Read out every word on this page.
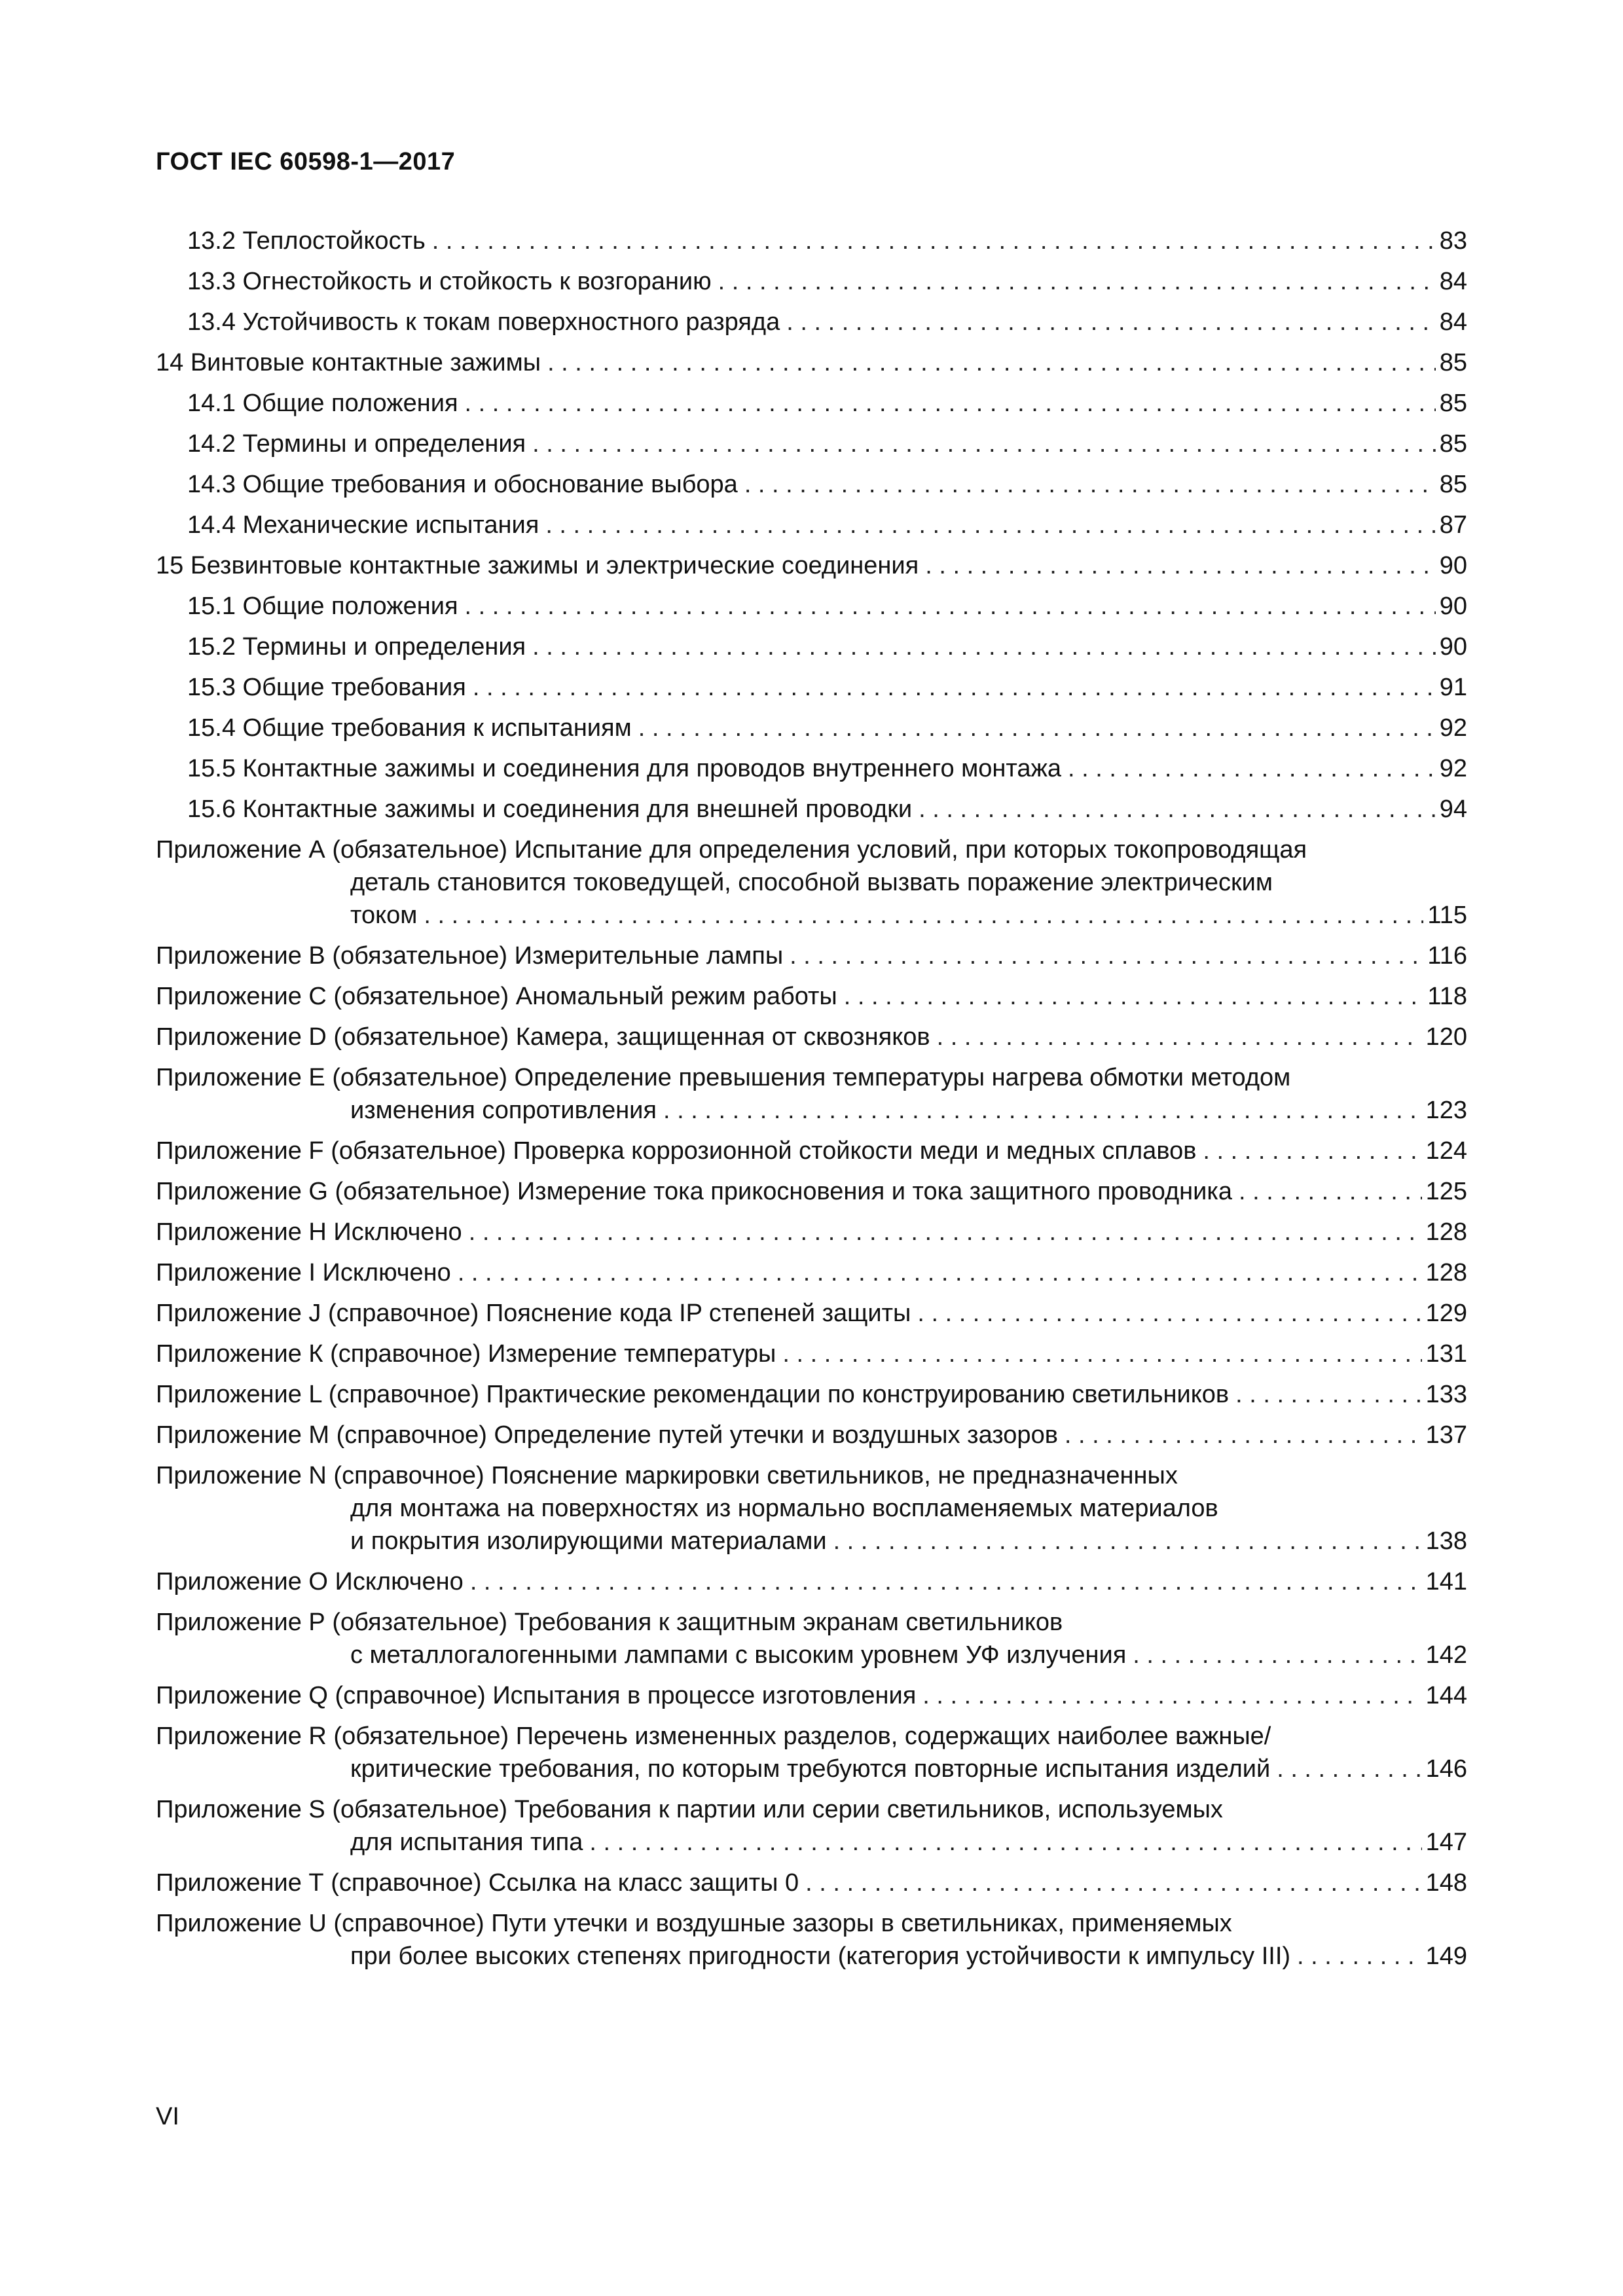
ГОСТ IEC 60598-1—2017
13.2 Теплостойкость . . .	83
13.3 Огнестойкость и стойкость к возгоранию . . .	84
13.4 Устойчивость к токам поверхностного разряда . . .	84
14 Винтовые контактные зажимы . . .	85
14.1 Общие положения . . .	85
14.2 Термины и определения . . .	85
14.3 Общие требования и обоснование выбора . . .	85
14.4 Механические испытания . . .	87
15 Безвинтовые контактные зажимы и электрические соединения . . .	90
15.1 Общие положения . . .	90
15.2 Термины и определения . . .	90
15.3 Общие требования . . .	91
15.4 Общие требования к испытаниям . . .	92
15.5 Контактные зажимы и соединения для проводов внутреннего монтажа . . .	92
15.6 Контактные зажимы и соединения для внешней проводки . . .	94
Приложение А (обязательное) Испытание для определения условий, при которых токопроводящая
деталь становится токоведущей, способной вызвать поражение электрическим
током . . .	115
Приложение В (обязательное) Измерительные лампы . . .	116
Приложение С (обязательное) Аномальный режим работы . . .	118
Приложение D (обязательное) Камера, защищенная от сквозняков . . .	120
Приложение Е (обязательное) Определение превышения температуры нагрева обмотки методом
изменения сопротивления . . .	123
Приложение F (обязательное) Проверка коррозионной стойкости меди и медных сплавов . . .	124
Приложение G (обязательное) Измерение тока прикосновения и тока защитного проводника . . .	125
Приложение Н Исключено . . .	128
Приложение I Исключено . . .	128
Приложение J (справочное) Пояснение кода IP степеней защиты . . .	129
Приложение К (справочное) Измерение температуры . . .	131
Приложение L (справочное) Практические рекомендации по конструированию светильников . . .	133
Приложение М (справочное) Определение путей утечки и воздушных зазоров . . .	137
Приложение N (справочное) Пояснение маркировки светильников, не предназначенных
для монтажа на поверхностях из нормально воспламеняемых материалов
и покрытия изолирующими материалами . . .	138
Приложение О Исключено . . .	141
Приложение Р (обязательное) Требования к защитным экранам светильников
с металлогалогенными лампами с высоким уровнем УФ излучения . . .	142
Приложение Q (справочное) Испытания в процессе изготовления . . .	144
Приложение R (обязательное) Перечень измененных разделов, содержащих наиболее важные/
критические требования, по которым требуются повторные испытания изделий . . .	146
Приложение S (обязательное) Требования к партии или серии светильников, используемых
для испытания типа . . .	147
Приложение Т (справочное) Ссылка на класс защиты 0 . . .	148
Приложение U (справочное) Пути утечки и воздушные зазоры в светильниках, применяемых
при более высоких степенях пригодности (категория устойчивости к импульсу III) . . .	149
VI
